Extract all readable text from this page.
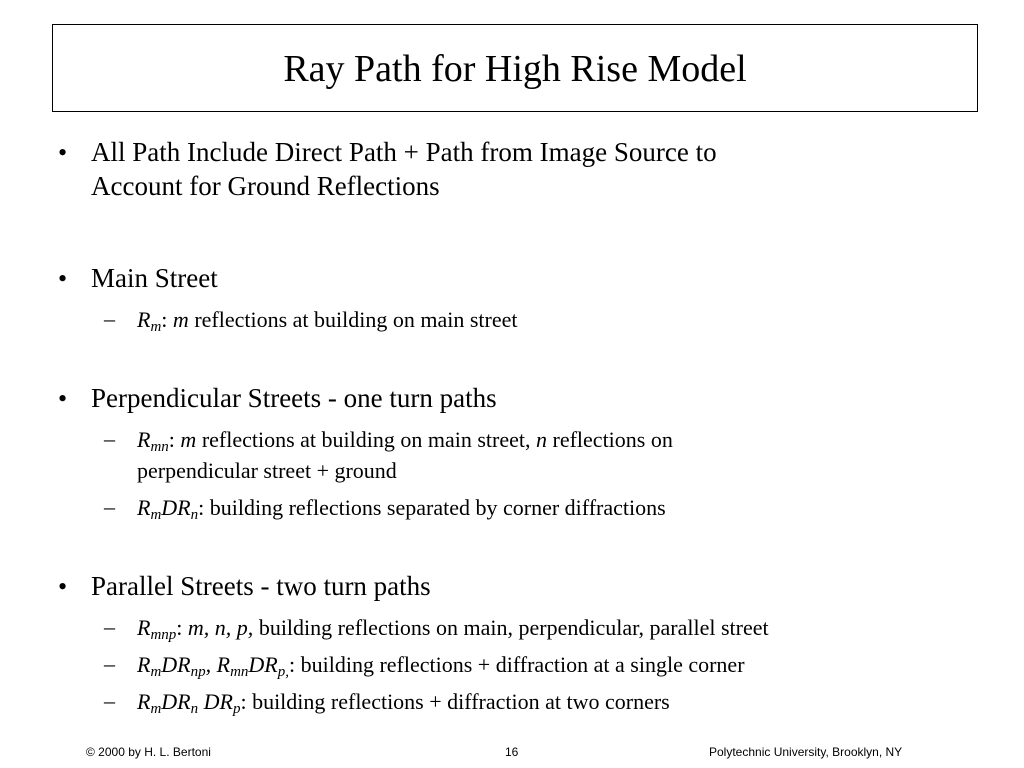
Ray Path for High Rise Model
• All Path Include Direct Path + Path from Image Source to
Account for Ground Reflections
• Main Street
– $R_m$: m reflections at building on main street
• Perpendicular Streets - one turn paths
– $R_{mn}$: m reflections at building on main street, n reflections on
perpendicular street + ground
– $R_mDR_n$: building reflections separated by corner diffractions
• Parallel Streets - two turn paths
– $R_{mnp}$: m, n, p, building reflections on main, perpendicular, parallel street
– $R_mDR_{np}$, $R_{mn}DR_{p,}$: building reflections + diffraction at a single corner
– $R_mDR_n$ $DR_p$: building reflections + diffraction at two corners
© 2000 by H. L. Bertoni	16	Polytechnic University, Brooklyn, NY
